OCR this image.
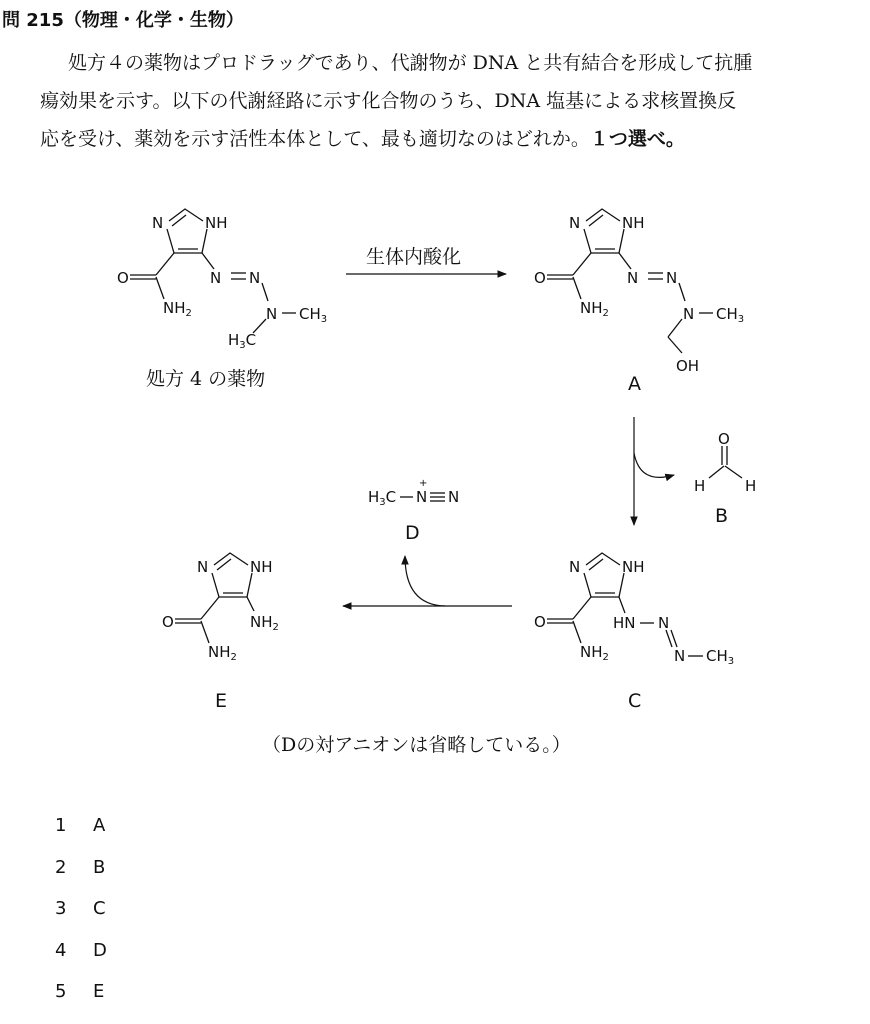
問 215（物理・化学・生物）

処方４の薬物はプロドラッグであり、代謝物が DNA と共有結合を形成して抗腫

瘍効果を示す。以下の代謝経路に示す化合物のうち、DNA 塩基による求核置換反

応を受け、薬効を示す活性本体として、最も適切なのはどれか。１つ選べ。

N	NH
O
$NH_2$
N N
N $CH_3$
$H_3C$
処方 4 の薬物
生体内酸化
N	NH
O
$NH_2$
N N
N $CH_3$
OH
A
O
H	H
B
$H_3C$ N
+
N
D
N	NH
O
$NH_2$
HN N
N $CH_3$
C
N	NH
O
$NH_2$
$NH_2$
E
（Dの対アニオンは省略している。）
1	A
2	B
3	C
4	D
5	E
